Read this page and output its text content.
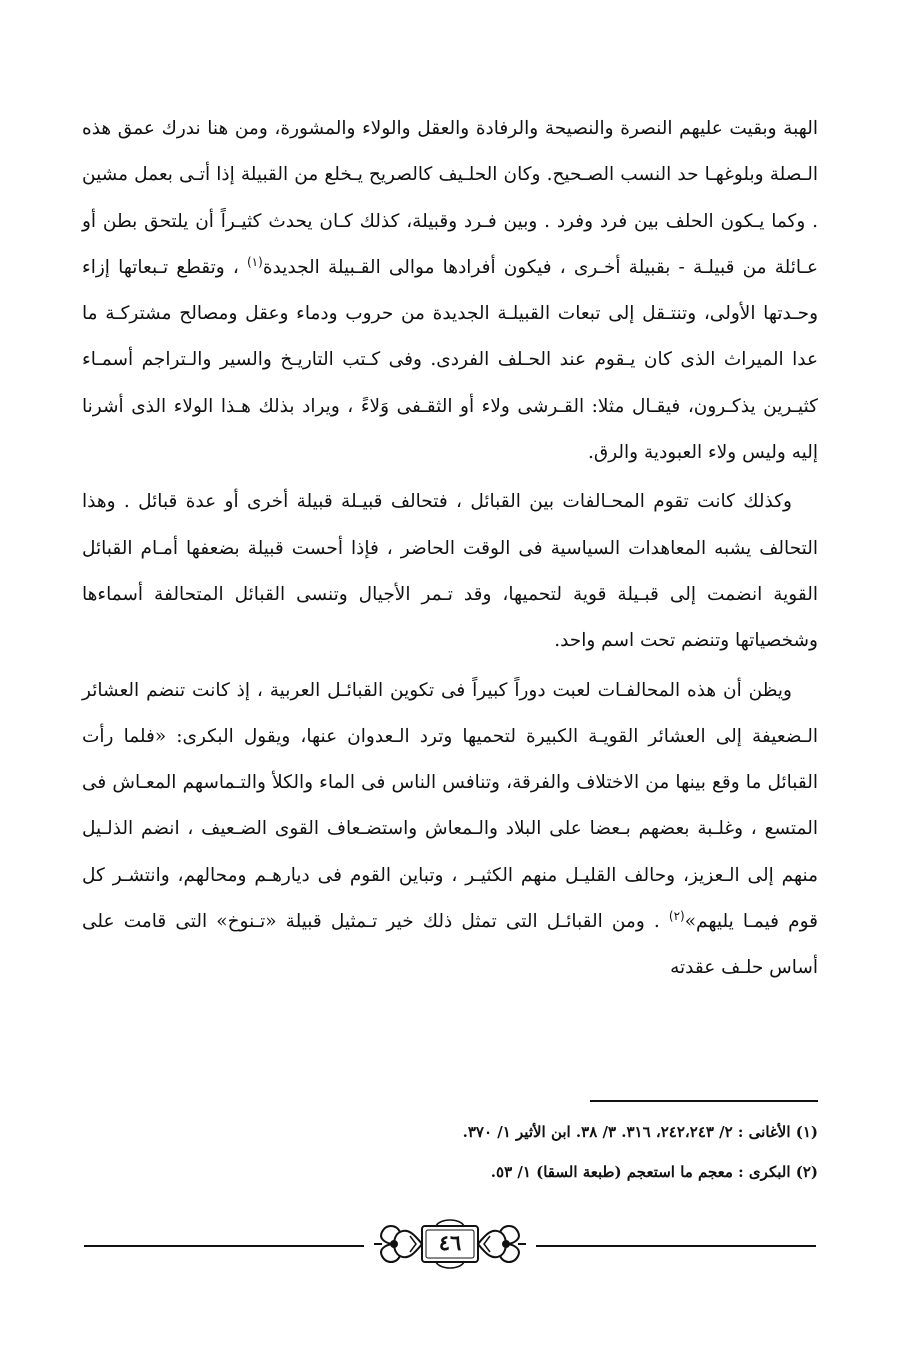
الهبة وبقيت عليهم النصرة والنصيحة والرفادة والعقل والولاء والمشورة، ومن هنا ندرك عمق هذه الـصلة وبلوغهـا حد النسب الصـحيح. وكان الحلـيف كالصريح يـخلع من القبيلة إذا أتـى بعمل مشين . وكما يـكون الحلف بين فرد وفرد . وبين فـرد وقبيلة، كذلك كـان يحدث كثيـراً أن يلتحق بطن أو عـائلة من قبيلـة - بقبيلة أخـرى ، فيكون أفرادها موالى القـبيلة الجديدة$^{(١)}$ ، وتقطع تـبعاتها إزاء وحـدتها الأولى، وتنتـقل إلى تبعات القبيلـة الجديدة من حروب ودماء وعقل ومصالح مشتركـة ما عدا الميراث الذى كان يـقوم عند الحـلف الفردى. وفى كـتب التاريـخ والسير والـتراجم أسمـاء كثيـرين يذكـرون، فيقـال مثلا: القـرشى ولاء أو الثقـفى وَلاءً ، ويراد بذلك هـذا الولاء الذى أشرنا إليه وليس ولاء العبودية والرق.

وكذلك كانت تقوم المحـالفات بين القبائل ، فتحالف قبيـلة قبيلة أخرى أو عدة قبائل . وهذا التحالف يشبه المعاهدات السياسية فى الوقت الحاضر ، فإذا أحست قبيلة بضعفها أمـام القبائل القوية انضمت إلى قبـيلة قوية لتحميها، وقد تـمر الأجيال وتنسى القبائل المتحالفة أسماءها وشخصياتها وتنضم تحت اسم واحد.

ويظن أن هذه المحالفـات لعبت دوراً كبيراً فى تكوين القبائـل العربية ، إذ كانت تنضم العشائر الـضعيفة إلى العشائر القويـة الكبيرة لتحميها وترد الـعدوان عنها، ويقول البكرى: «فلما رأت القبائل ما وقع بينها من الاختلاف والفرقة، وتنافس الناس فى الماء والكلأ والتـماسهم المعـاش فى المتسع ، وغلـبة بعضهم بـعضا على البلاد والـمعاش واستضـعاف القوى الضـعيف ، انضم الذلـيل منهم إلى الـعزيز، وحالف القليـل منهم الكثيـر ، وتباين القوم فى ديارهـم ومحالهم، وانتشـر كل قوم فيمـا يليهم»$^{(٢)}$ . ومن القبائـل التى تمثل ذلك خير تـمثيل قبيلة «تـنوخ» التى قامت على أساس حلـف عقدته

(١) الأغانى : ٢/ ٢٤٢،٢٤٣، ٣١٦. ٣/ ٣٨. ابن الأثير ١/ ٣٧٠.

(٢) البكرى : معجم ما استعجم (طبعة السقا) ١/ ٥٣.

٤٦
